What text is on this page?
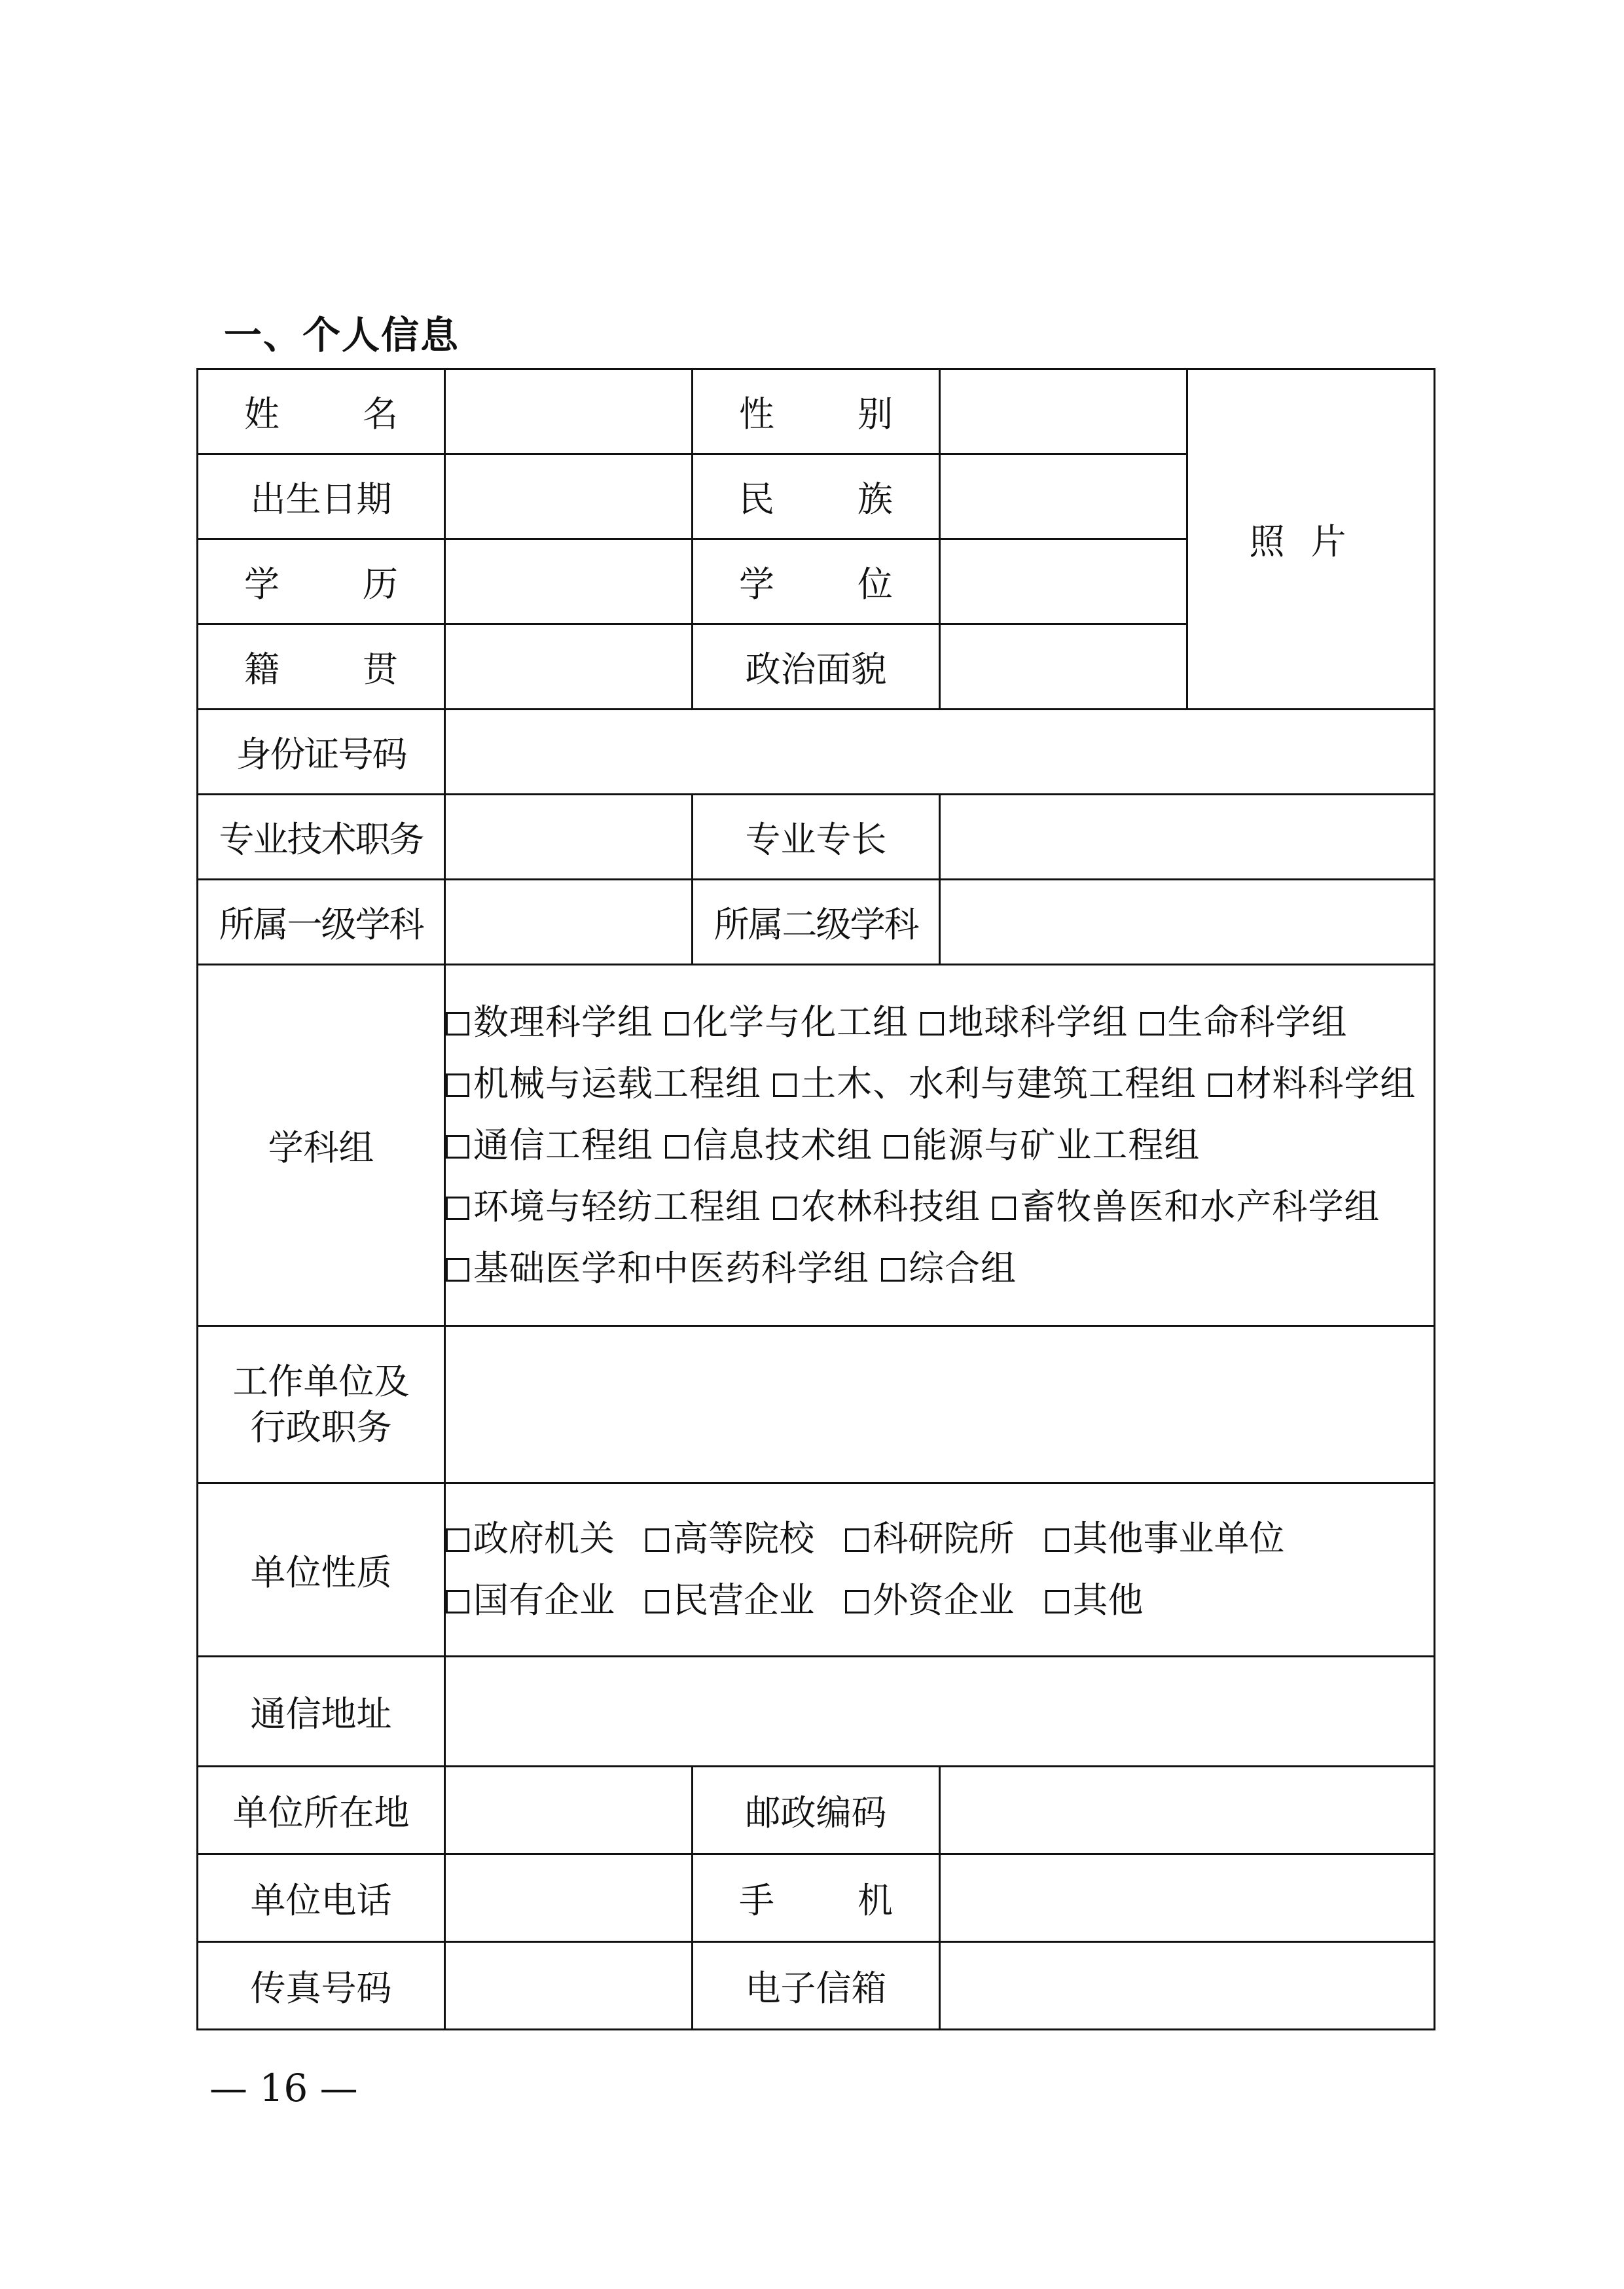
一、个人信息
姓名		性别		照片
出生日期		民族		
学历		学位		
籍贯		政治面貌		
身份证号码				
专业技术职务		专业专长		
所属一级学科		所属二级学科		
学科组	数理科学组 化学与化工组 地球科学组 生命科学组 机械与运载工程组 土木、水利与建筑工程组 材料科学组 通信工程组 信息技术组 能源与矿业工程组 环境与轻纺工程组 农林科技组 畜牧兽医和水产科学组 基础医学和中医药科学组 综合组			

工作单位及
行政职务				

单位性质	政府机关 高等院校 科研院所 其他事业单位
国有企业 民营企业 外资企业 其他			

通信地址				
单位所在地		邮政编码		
单位电话		手机		
传真号码		电子信箱		
— 16 —
